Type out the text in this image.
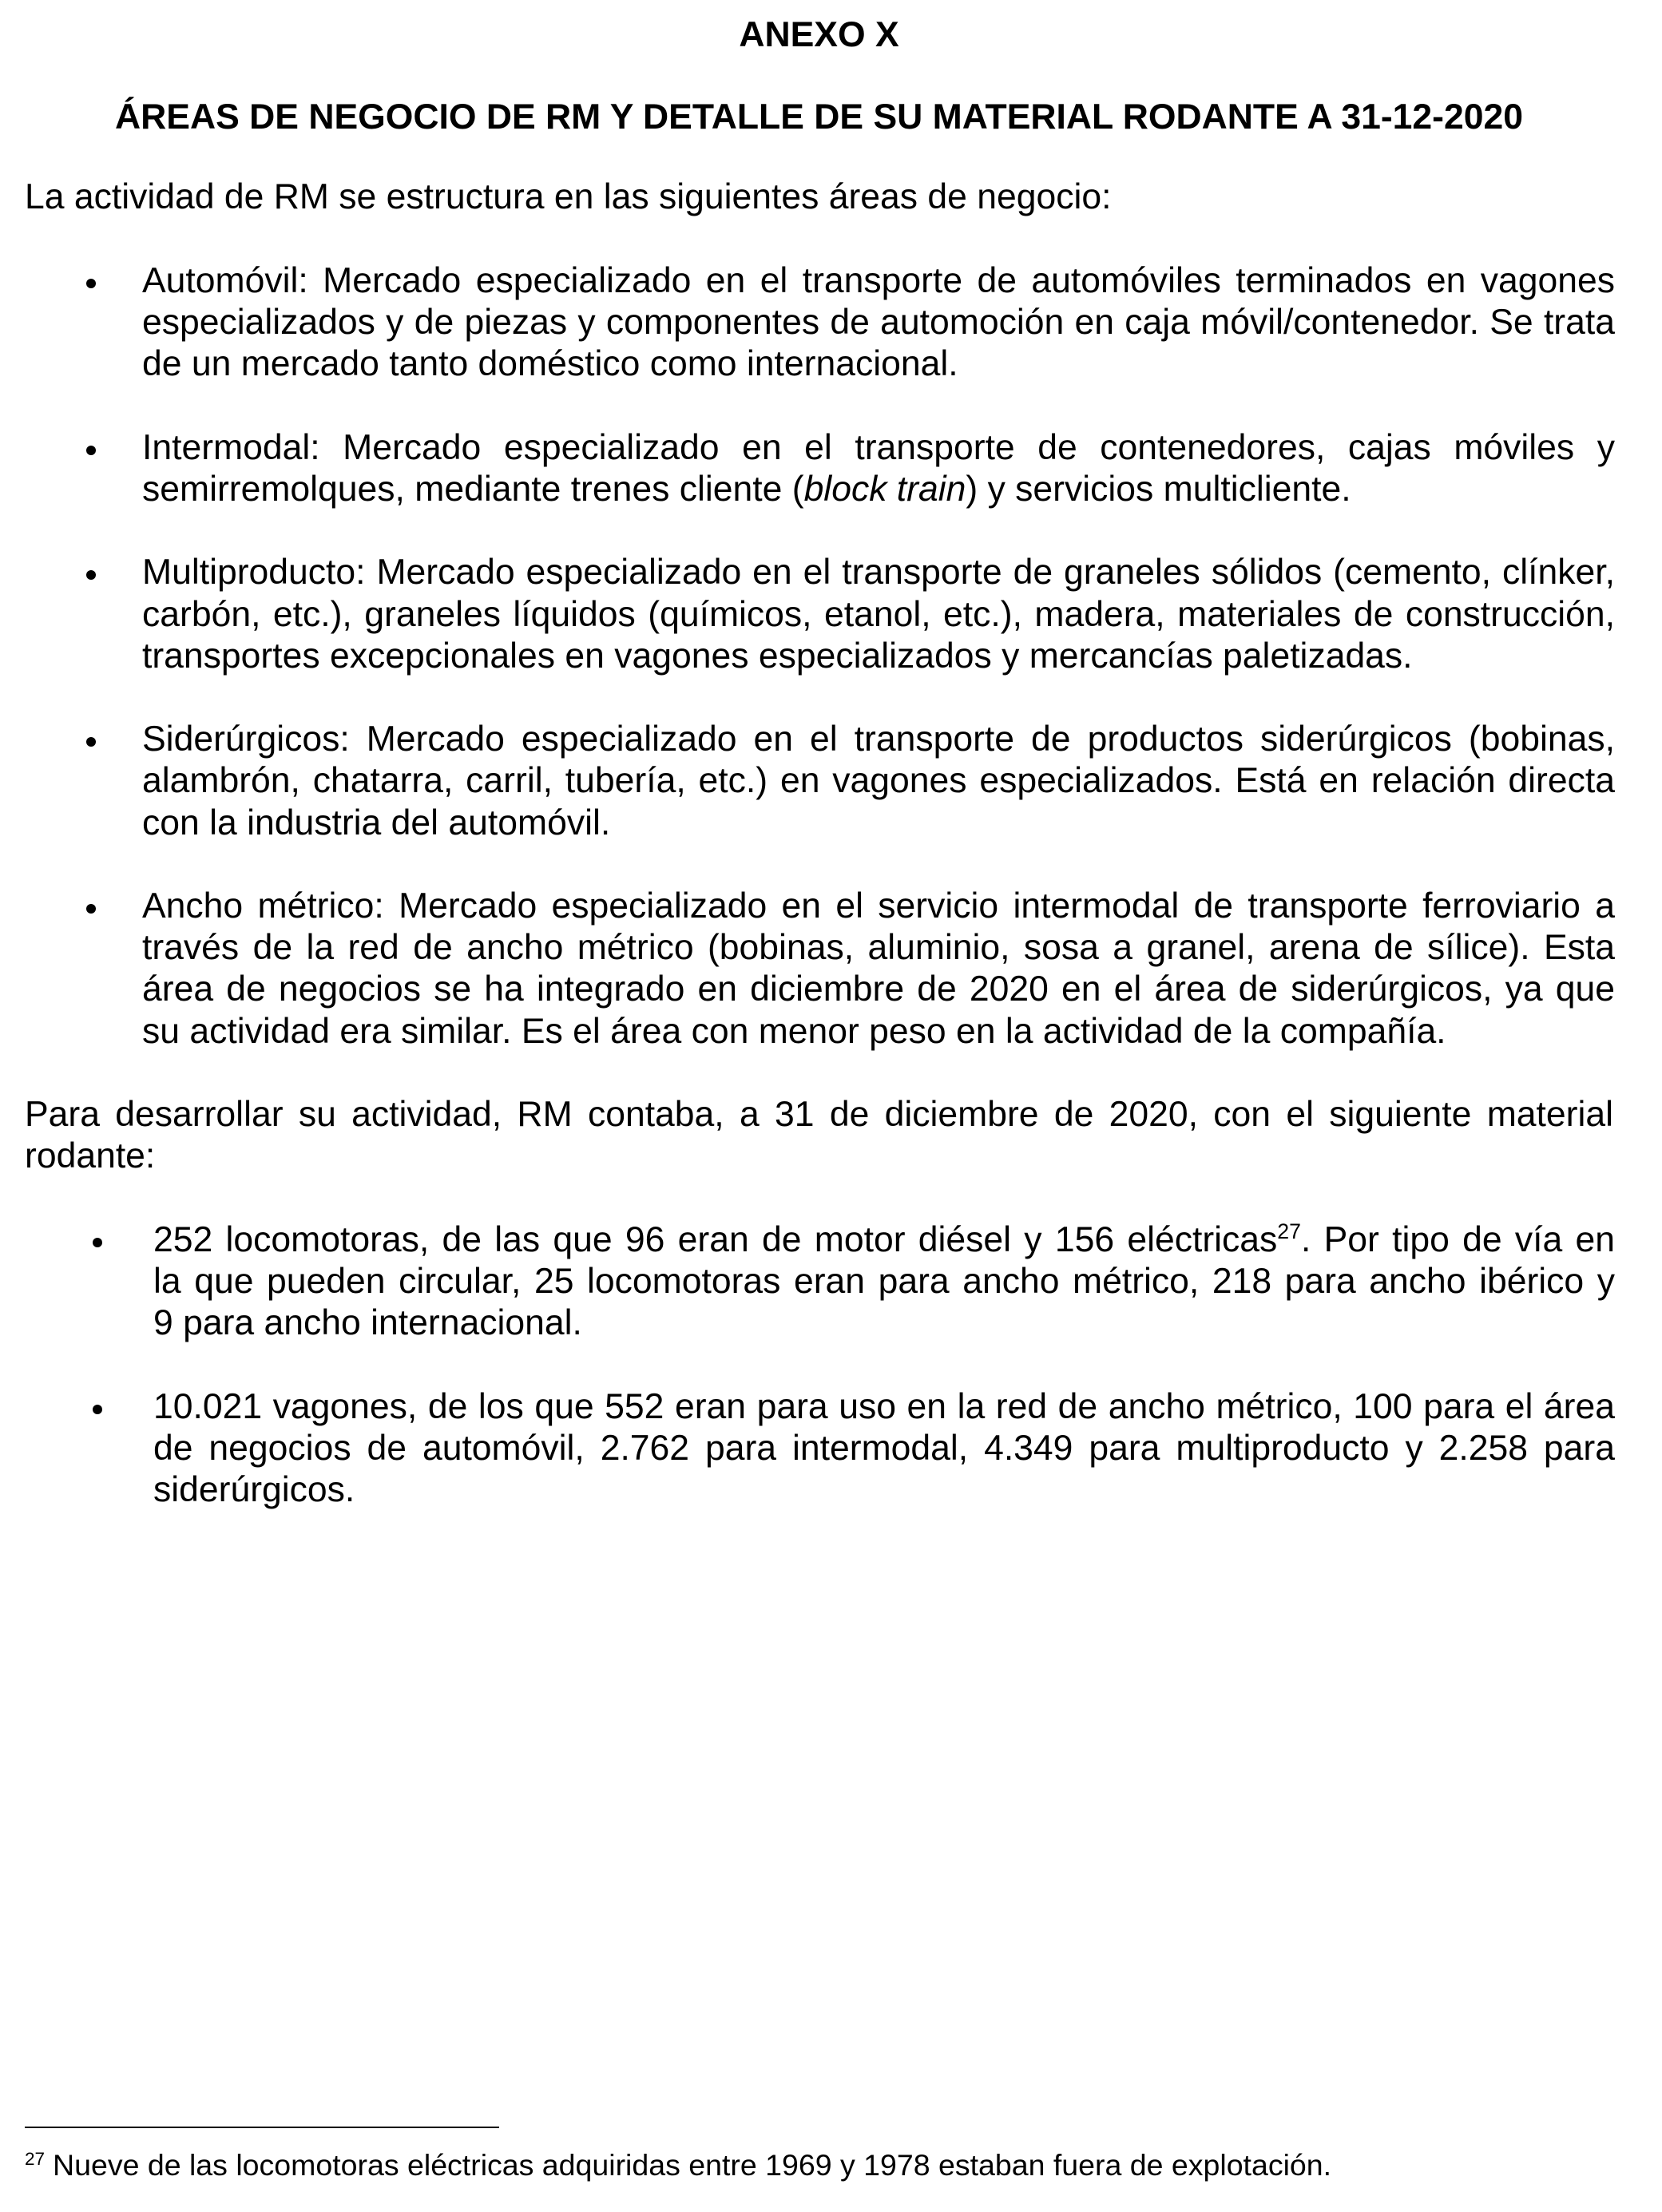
ANEXO X
ÁREAS DE NEGOCIO DE RM Y DETALLE DE SU MATERIAL RODANTE A 31-12-2020
La actividad de RM se estructura en las siguientes áreas de negocio:
Automóvil: Mercado especializado en el transporte de automóviles terminados en vagones
especializados y de piezas y componentes de automoción en caja móvil/contenedor. Se trata
de un mercado tanto doméstico como internacional.
Intermodal: Mercado especializado en el transporte de contenedores, cajas móviles y
semirremolques, mediante trenes cliente (block train) y servicios multicliente.
Multiproducto: Mercado especializado en el transporte de graneles sólidos (cemento, clínker,
carbón, etc.), graneles líquidos (químicos, etanol, etc.), madera, materiales de construcción,
transportes excepcionales en vagones especializados y mercancías paletizadas.
Siderúrgicos: Mercado especializado en el transporte de productos siderúrgicos (bobinas,
alambrón, chatarra, carril, tubería, etc.) en vagones especializados. Está en relación directa
con la industria del automóvil.
Ancho métrico: Mercado especializado en el servicio intermodal de transporte ferroviario a
través de la red de ancho métrico (bobinas, aluminio, sosa a granel, arena de sílice). Esta
área de negocios se ha integrado en diciembre de 2020 en el área de siderúrgicos, ya que
su actividad era similar. Es el área con menor peso en la actividad de la compañía.
Para desarrollar su actividad, RM contaba, a 31 de diciembre de 2020, con el siguiente material
rodante:
252 locomotoras, de las que 96 eran de motor diésel y 156 eléctricas$^{27}$. Por tipo de vía en
la que pueden circular, 25 locomotoras eran para ancho métrico, 218 para ancho ibérico y
9 para ancho internacional.
10.021 vagones, de los que 552 eran para uso en la red de ancho métrico, 100 para el área
de negocios de automóvil, 2.762 para intermodal, 4.349 para multiproducto y 2.258 para
siderúrgicos.
$^{27}$ Nueve de las locomotoras eléctricas adquiridas entre 1969 y 1978 estaban fuera de explotación.
